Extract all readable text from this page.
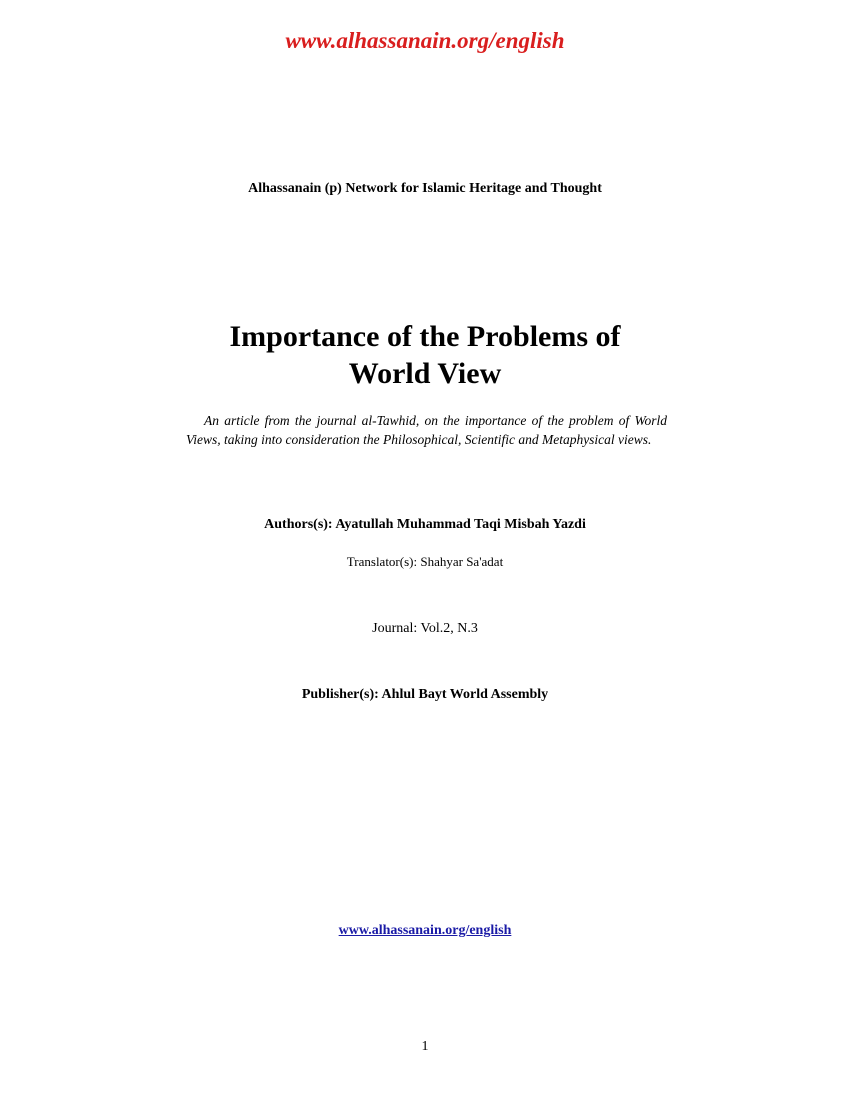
www.alhassanain.org/english
Alhassanain (p) Network for Islamic Heritage and Thought
Importance of the Problems of
World View

An article from the journal al-Tawhid, on the importance of the problem of World Views, taking into consideration the Philosophical, Scientific and Metaphysical views.

Authors(s): Ayatullah Muhammad Taqi Misbah Yazdi
Translator(s): Shahyar Sa'adat
Journal: Vol.2, N.3
Publisher(s): Ahlul Bayt World Assembly
www.alhassanain.org/english
1
